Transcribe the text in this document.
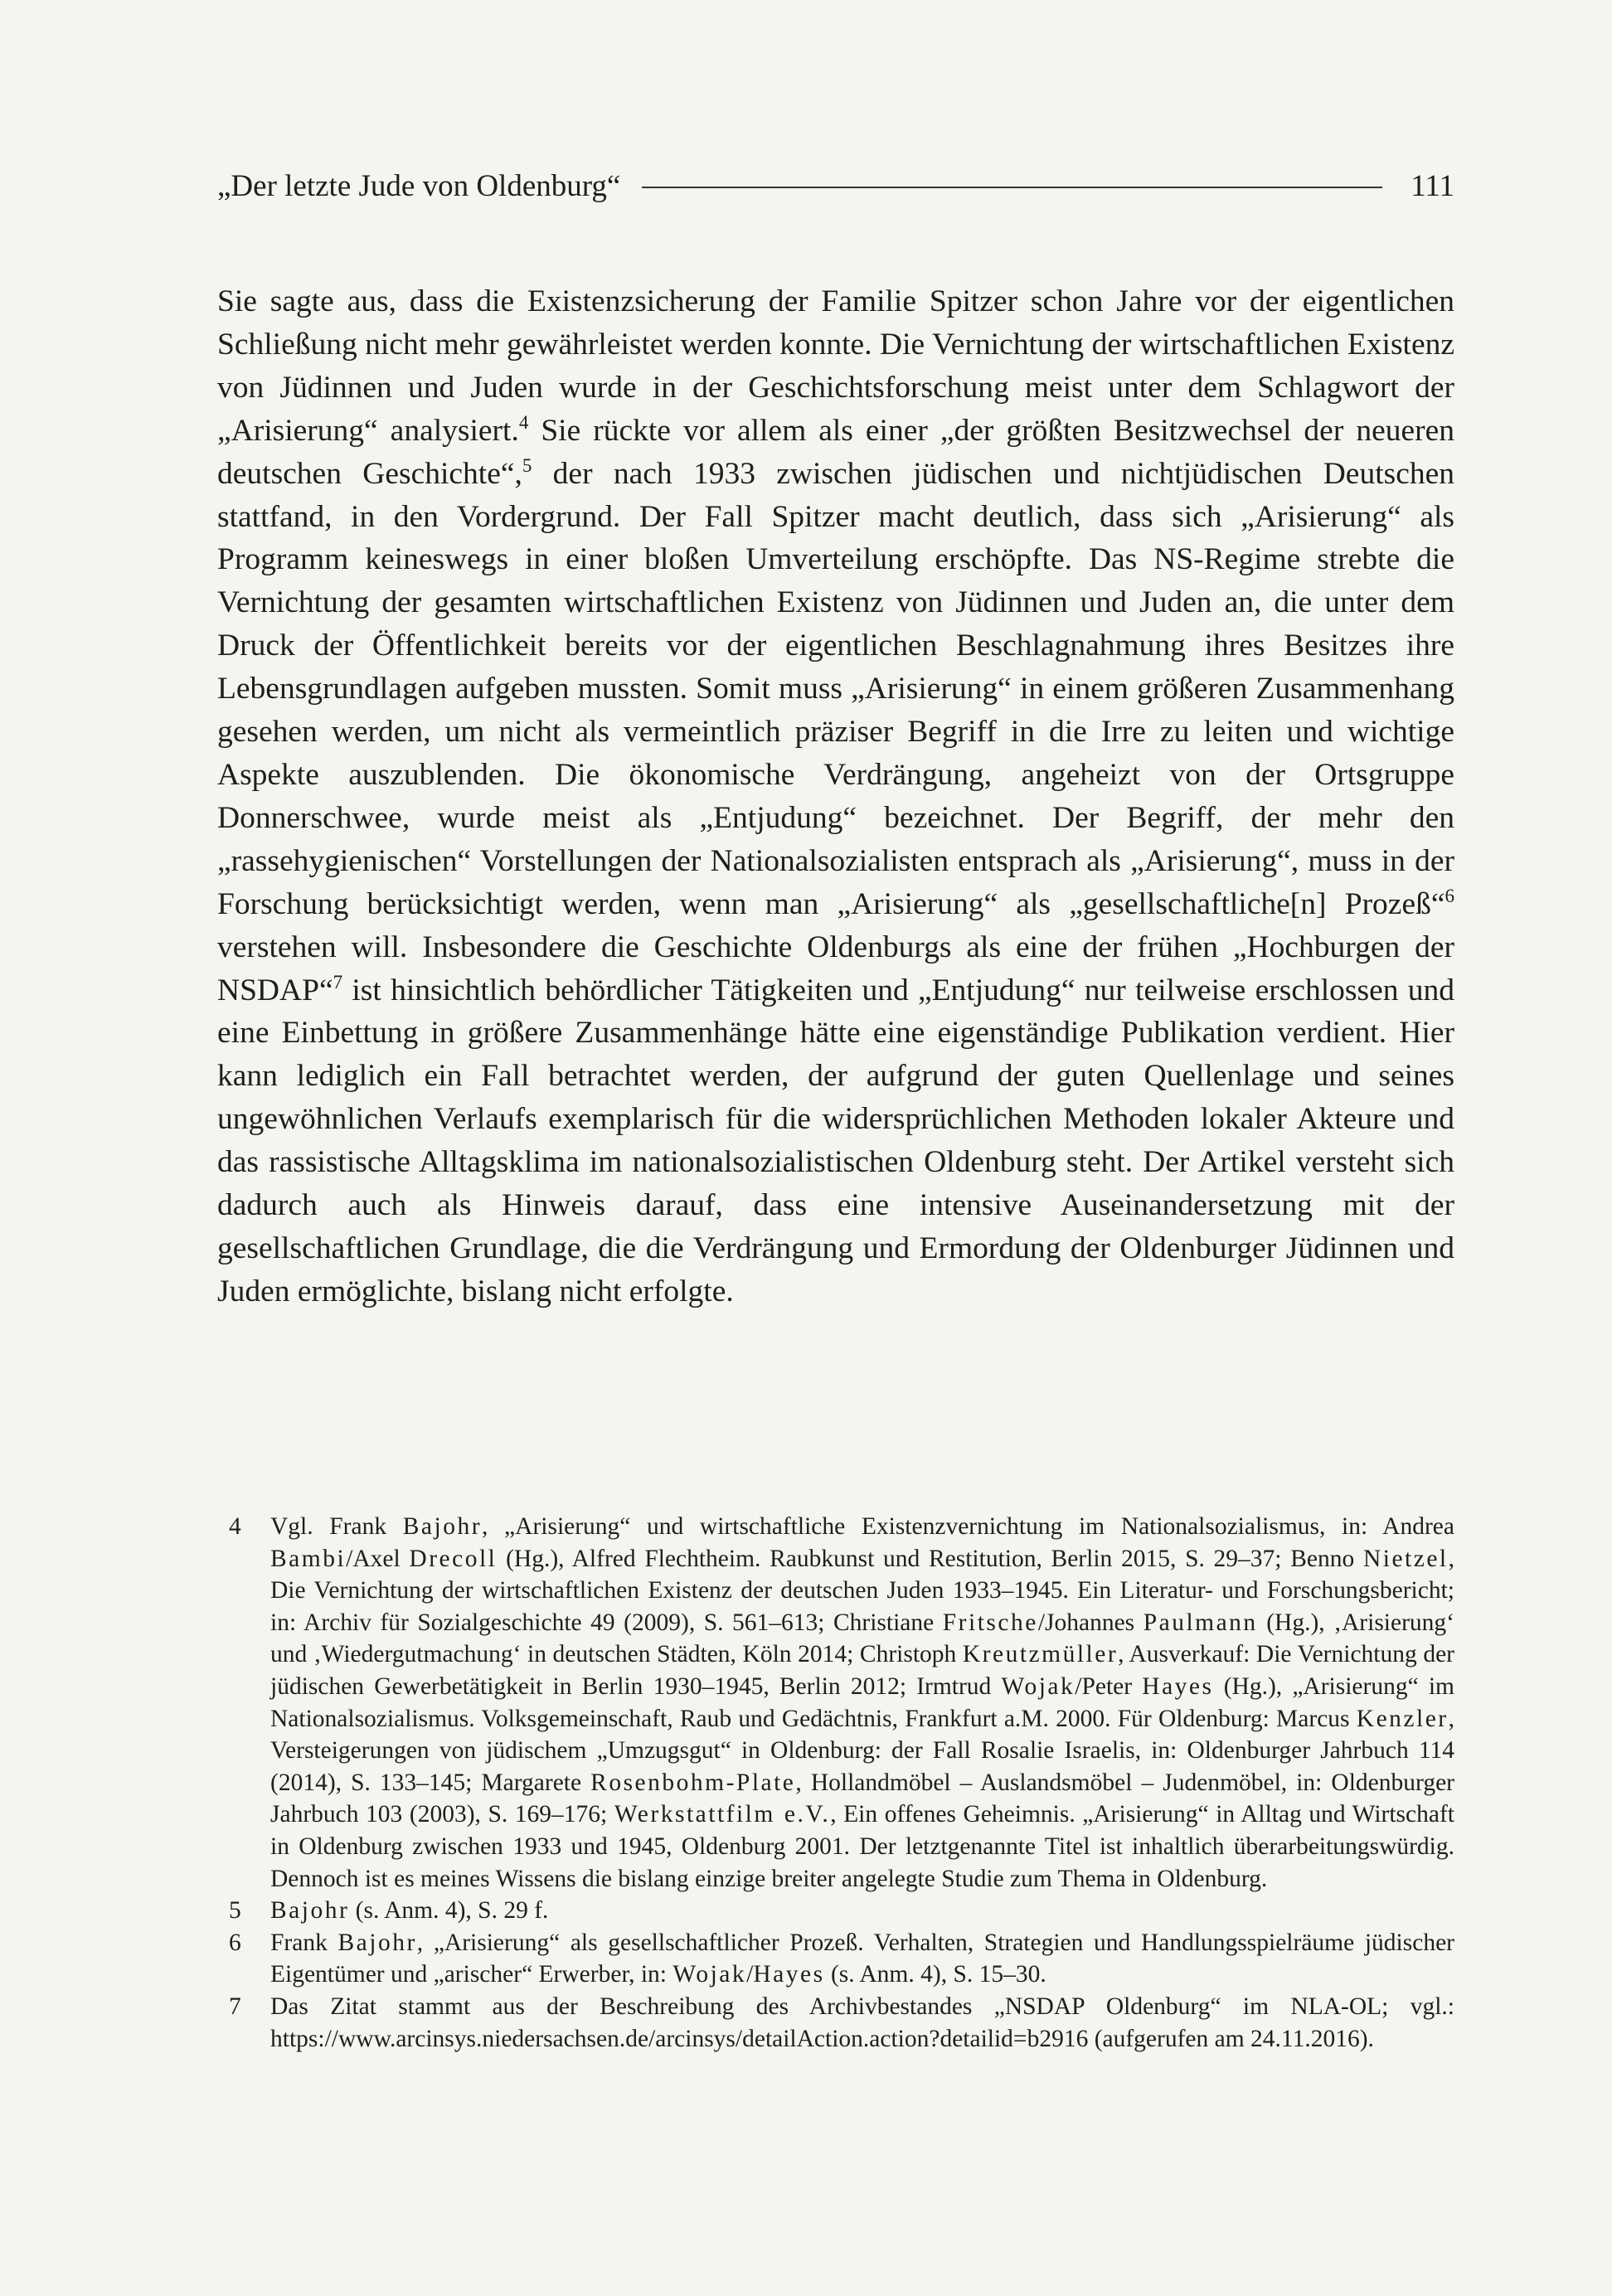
„Der letzte Jude von Oldenburg“	111

Sie sagte aus, dass die Existenzsicherung der Familie Spitzer schon Jahre vor der eigentlichen Schließung nicht mehr gewährleistet werden konnte. Die Vernichtung der wirtschaftlichen Existenz von Jüdinnen und Juden wurde in der Geschichtsforschung meist unter dem Schlagwort der „Arisierung“ analysiert.$^4$ Sie rückte vor allem als einer „der größten Besitzwechsel der neueren deutschen Geschichte“,$^5$ der nach 1933 zwischen jüdischen und nichtjüdischen Deutschen stattfand, in den Vordergrund. Der Fall Spitzer macht deutlich, dass sich „Arisierung“ als Programm keineswegs in einer bloßen Umverteilung erschöpfte. Das NS-Regime strebte die Vernichtung der gesamten wirtschaftlichen Existenz von Jüdinnen und Juden an, die unter dem Druck der Öffentlichkeit bereits vor der eigentlichen Beschlagnahmung ihres Besitzes ihre Lebensgrundlagen aufgeben mussten. Somit muss „Arisierung“ in einem größeren Zusammenhang gesehen werden, um nicht als vermeintlich präziser Begriff in die Irre zu leiten und wichtige Aspekte auszublenden. Die ökonomische Verdrängung, angeheizt von der Ortsgruppe Donnerschwee, wurde meist als „Entjudung“ bezeichnet. Der Begriff, der mehr den „rassehygienischen“ Vorstellungen der Nationalsozialisten entsprach als „Arisierung“, muss in der Forschung berücksichtigt werden, wenn man „Arisierung“ als „gesellschaftliche[n] Prozeß“$^6$ verstehen will. Insbesondere die Geschichte Oldenburgs als eine der frühen „Hochburgen der NSDAP“$^7$ ist hinsichtlich behördlicher Tätigkeiten und „Entjudung“ nur teilweise erschlossen und eine Einbettung in größere Zusammenhänge hätte eine eigenständige Publikation verdient. Hier kann lediglich ein Fall betrachtet werden, der aufgrund der guten Quellenlage und seines ungewöhnlichen Verlaufs exemplarisch für die widersprüchlichen Methoden lokaler Akteure und das rassistische Alltagsklima im nationalsozialistischen Oldenburg steht. Der Artikel versteht sich dadurch auch als Hinweis darauf, dass eine intensive Auseinandersetzung mit der gesellschaftlichen Grundlage, die die Verdrängung und Ermordung der Oldenburger Jüdinnen und Juden ermöglichte, bislang nicht erfolgte.

4	Vgl. Frank Bajohr, „Arisierung“ und wirtschaftliche Existenzvernichtung im Nationalsozialismus, in: Andrea Bambi/Axel Drecoll (Hg.), Alfred Flechtheim. Raubkunst und Restitution, Berlin 2015, S. 29–37; Benno Nietzel, Die Vernichtung der wirtschaftlichen Existenz der deutschen Juden 1933–1945. Ein Literatur- und Forschungsbericht; in: Archiv für Sozialgeschichte 49 (2009), S. 561–613; Christiane Fritsche/Johannes Paulmann (Hg.), ‚Arisierung‘ und ‚Wiedergutmachung‘ in deutschen Städten, Köln 2014; Christoph Kreutzmüller, Ausverkauf: Die Vernichtung der jüdischen Gewerbetätigkeit in Berlin 1930–1945, Berlin 2012; Irmtrud Wojak/Peter Hayes (Hg.), „Arisierung“ im Nationalsozialismus. Volksgemeinschaft, Raub und Gedächtnis, Frankfurt a.M. 2000. Für Oldenburg: Marcus Kenzler, Versteigerungen von jüdischem „Umzugsgut“ in Oldenburg: der Fall Rosalie Israelis, in: Oldenburger Jahrbuch 114 (2014), S. 133–145; Margarete Rosenbohm-Plate, Hollandmöbel – Auslandsmöbel – Judenmöbel, in: Oldenburger Jahrbuch 103 (2003), S. 169–176; Werkstattfilm e.V., Ein offenes Geheimnis. „Arisierung“ in Alltag und Wirtschaft in Oldenburg zwischen 1933 und 1945, Oldenburg 2001. Der letztgenannte Titel ist inhaltlich überarbeitungswürdig. Dennoch ist es meines Wissens die bislang einzige breiter angelegte Studie zum Thema in Oldenburg.
5	Bajohr (s. Anm. 4), S. 29 f.
6	Frank Bajohr, „Arisierung“ als gesellschaftlicher Prozeß. Verhalten, Strategien und Handlungsspielräume jüdischer Eigentümer und „arischer“ Erwerber, in: Wojak/Hayes (s. Anm. 4), S. 15–30.
7	Das Zitat stammt aus der Beschreibung des Archivbestandes „NSDAP Oldenburg“ im NLA-OL; vgl.: https://www.arcinsys.niedersachsen.de/arcinsys/detailAction.action?detailid=b2916 (aufgerufen am 24.11.2016).
